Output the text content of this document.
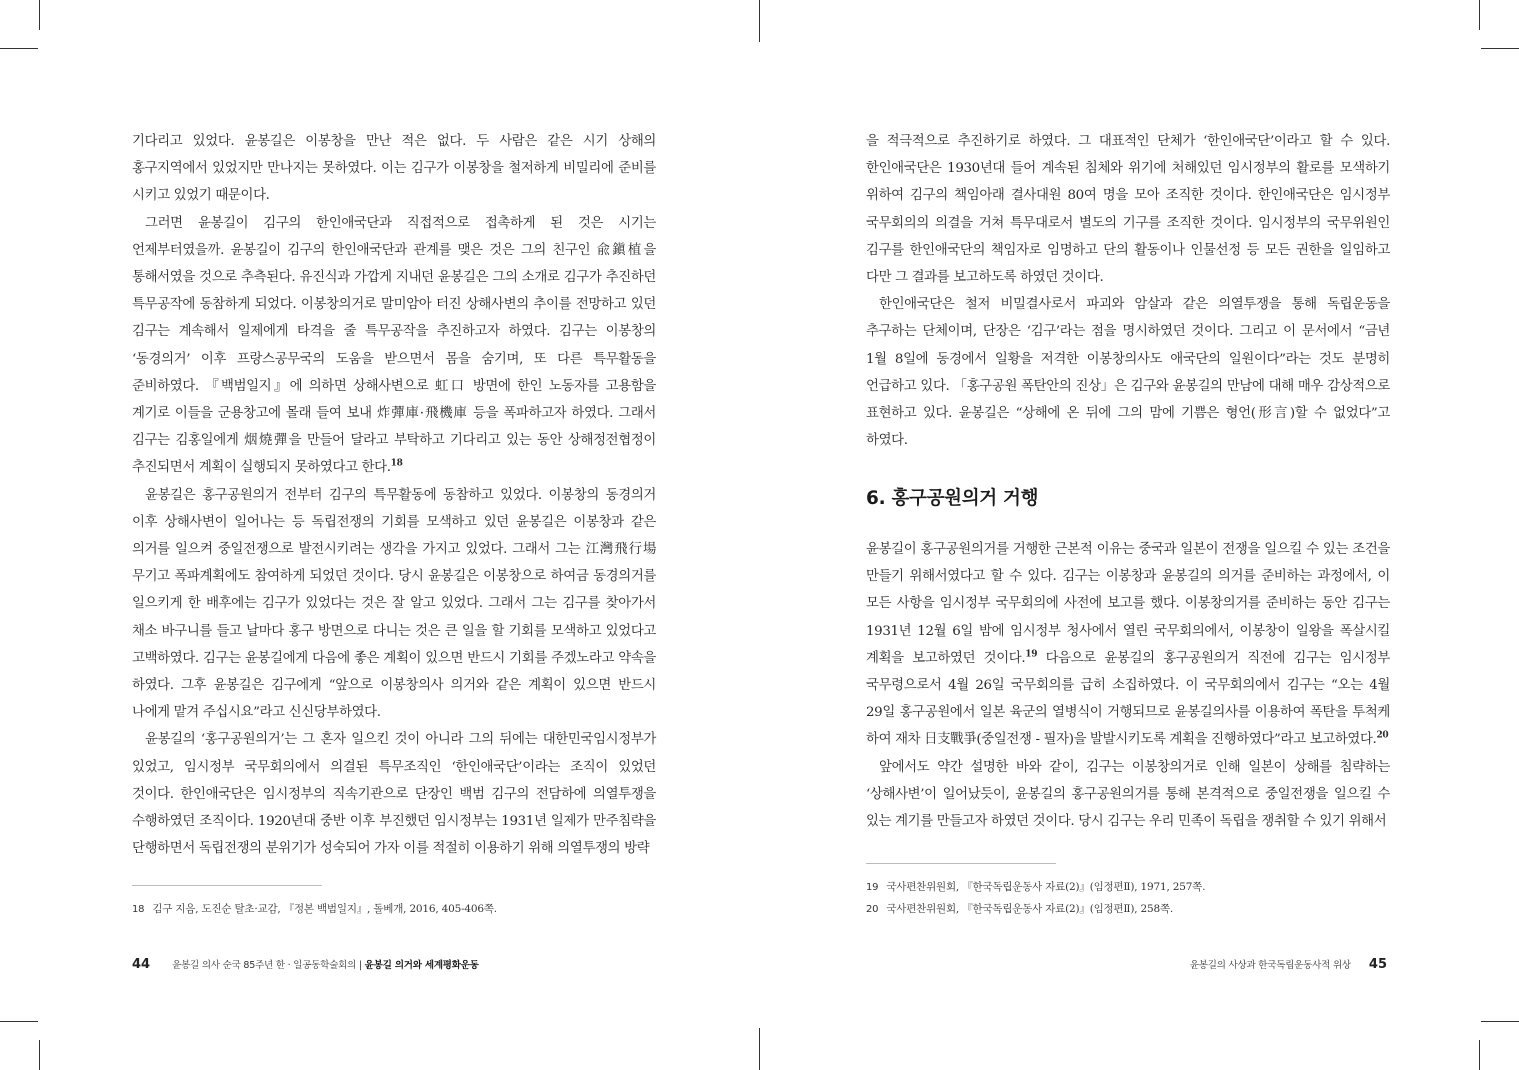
기다리고 있었다. 윤봉길은 이봉창을 만난 적은 없다. 두 사람은 같은 시기 상해의 홍구지역에서 있었지만 만나지는 못하였다. 이는 김구가 이봉창을 철저하게 비밀리에 준비를 시키고 있었기 때문이다.

그러면 윤봉길이 김구의 한인애국단과 직접적으로 접촉하게 된 것은 시기는 언제부터였을까. 윤봉길이 김구의 한인애국단과 관계를 맺은 것은 그의 친구인 兪鎭植을 통해서였을 것으로 추측된다. 유진식과 가깝게 지내던 윤봉길은 그의 소개로 김구가 추진하던 특무공작에 동참하게 되었다. 이봉창의거로 말미암아 터진 상해사변의 추이를 전망하고 있던 김구는 계속해서 일제에게 타격을 줄 특무공작을 추진하고자 하였다. 김구는 이봉창의 ‘동경의거’ 이후 프랑스공무국의 도움을 받으면서 몸을 숨기며, 또 다른 특무활동을 준비하였다. 『백범일지』에 의하면 상해사변으로 虹口 방면에 한인 노동자를 고용함을 계기로 이들을 군용창고에 몰래 들여 보내 炸彈庫·飛機庫 등을 폭파하고자 하였다. 그래서 김구는 김홍일에게 烟燒彈을 만들어 달라고 부탁하고 기다리고 있는 동안 상해정전협정이 추진되면서 계획이 실행되지 못하였다고 한다.$^{18}$

윤봉길은 홍구공원의거 전부터 김구의 특무활동에 동참하고 있었다. 이봉창의 동경의거 이후 상해사변이 일어나는 등 독립전쟁의 기회를 모색하고 있던 윤봉길은 이봉창과 같은 의거를 일으켜 중일전쟁으로 발전시키려는 생각을 가지고 있었다. 그래서 그는 江灣飛行場 무기고 폭파계획에도 참여하게 되었던 것이다. 당시 윤봉길은 이봉창으로 하여금 동경의거를 일으키게 한 배후에는 김구가 있었다는 것은 잘 알고 있었다. 그래서 그는 김구를 찾아가서 채소 바구니를 들고 날마다 홍구 방면으로 다니는 것은 큰 일을 할 기회를 모색하고 있었다고 고백하였다. 김구는 윤봉길에게 다음에 좋은 계획이 있으면 반드시 기회를 주겠노라고 약속을 하였다. 그후 윤봉길은 김구에게 “앞으로 이봉창의사 의거와 같은 계획이 있으면 반드시 나에게 맡겨 주십시요”라고 신신당부하였다.

윤봉길의 ‘홍구공원의거’는 그 혼자 일으킨 것이 아니라 그의 뒤에는 대한민국임시정부가 있었고, 임시정부 국무회의에서 의결된 특무조직인 ‘한인애국단’이라는 조직이 있었던 것이다. 한인애국단은 임시정부의 직속기관으로 단장인 백범 김구의 전담하에 의열투쟁을 수행하였던 조직이다. 1920년대 중반 이후 부진했던 임시정부는 1931년 일제가 만주침략을 단행하면서 독립전쟁의 분위기가 성숙되어 가자 이를 적절히 이용하기 위해 의열투쟁의 방략

18 김구 지음, 도진순 탈초·교감, 『정본 백범일지』, 돌베개, 2016, 405-406쪽.

44 윤봉길 의사 순국 85주년 한 · 일공동학술회의 | 윤봉길 의거와 세계평화운동

을 적극적으로 추진하기로 하였다. 그 대표적인 단체가 ‘한인애국단’이라고 할 수 있다. 한인애국단은 1930년대 들어 계속된 침체와 위기에 처해있던 임시정부의 활로를 모색하기 위하여 김구의 책임아래 결사대원 80여 명을 모아 조직한 것이다. 한인애국단은 임시정부 국무회의의 의결을 거쳐 특무대로서 별도의 기구를 조직한 것이다. 임시정부의 국무위원인 김구를 한인애국단의 책임자로 임명하고 단의 활동이나 인물선정 등 모든 권한을 일임하고 다만 그 결과를 보고하도록 하였던 것이다.

한인애국단은 철저 비밀결사로서 파괴와 암살과 같은 의열투쟁을 통해 독립운동을 추구하는 단체이며, 단장은 ‘김구’라는 점을 명시하였던 것이다. 그리고 이 문서에서 “금년 1월 8일에 동경에서 일황을 저격한 이봉창의사도 애국단의 일원이다”라는 것도 분명히 언급하고 있다. 「홍구공원 폭탄안의 진상」은 김구와 윤봉길의 만남에 대해 매우 감상적으로 표현하고 있다. 윤봉길은 “상해에 온 뒤에 그의 맘에 기쁨은 형언(形言)할 수 없었다”고 하였다.

6. 홍구공원의거 거행

윤봉길이 홍구공원의거를 거행한 근본적 이유는 중국과 일본이 전쟁을 일으킬 수 있는 조건을 만들기 위해서였다고 할 수 있다. 김구는 이봉창과 윤봉길의 의거를 준비하는 과정에서, 이 모든 사항을 임시정부 국무회의에 사전에 보고를 했다. 이봉창의거를 준비하는 동안 김구는 1931년 12월 6일 밤에 임시정부 청사에서 열린 국무회의에서, 이봉창이 일왕을 폭살시킬 계획을 보고하였던 것이다.$^{19}$ 다음으로 윤봉길의 홍구공원의거 직전에 김구는 임시정부 국무령으로서 4월 26일 국무회의를 급히 소집하였다. 이 국무회의에서 김구는 “오는 4월 29일 홍구공원에서 일본 육군의 열병식이 거행되므로 윤봉길의사를 이용하여 폭탄을 투척케 하여 재차 日支戰爭(중일전쟁 - 필자)을 발발시키도록 계획을 진행하였다”라고 보고하였다.$^{20}$

앞에서도 약간 설명한 바와 같이, 김구는 이봉창의거로 인해 일본이 상해를 침략하는 ‘상해사변’이 일어났듯이, 윤봉길의 홍구공원의거를 통해 본격적으로 중일전쟁을 일으킬 수 있는 계기를 만들고자 하였던 것이다. 당시 김구는 우리 민족이 독립을 쟁취할 수 있기 위해서

19 국사편찬위원회, 『한국독립운동사 자료(2)』(임정편Ⅱ), 1971, 257쪽.

20 국사편찬위원회, 『한국독립운동사 자료(2)』(임정편Ⅱ), 258쪽.

윤봉길의 사상과 한국독립운동사적 위상 45
